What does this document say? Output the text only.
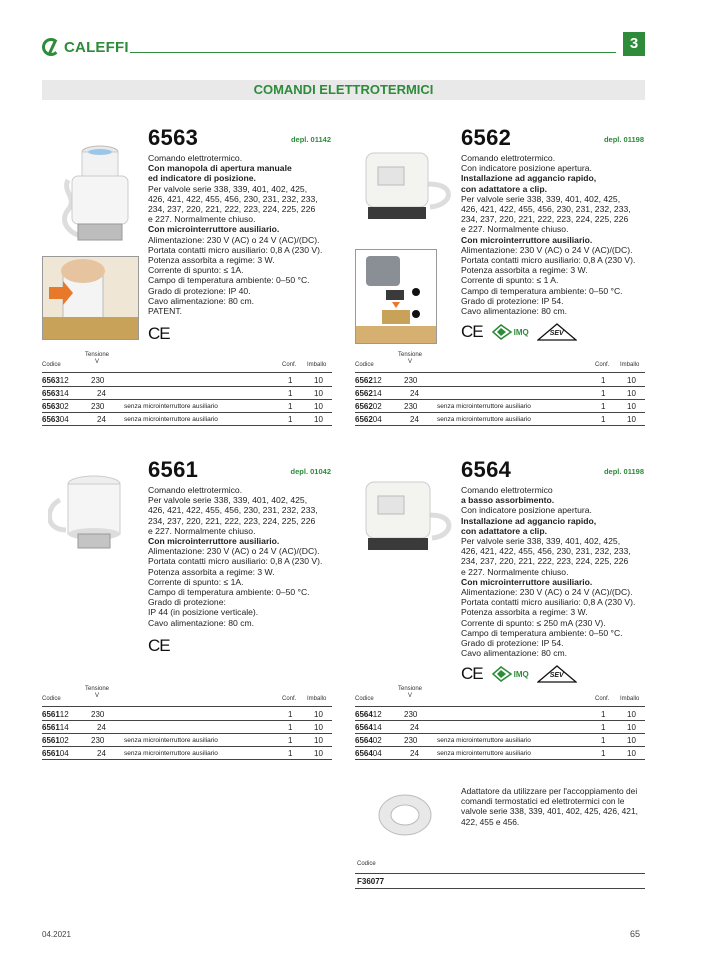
CALEFFI	3
COMANDI ELETTROTERMICI
6563	depl. 01142
Comando elettrotermico.
Con manopola di apertura manuale
ed indicatore di posizione.
Per valvole serie 338, 339, 401, 402, 425,
426, 421, 422, 455, 456, 230, 231, 232, 233,
234, 237, 220, 221, 222, 223, 224, 225, 226
e 227. Normalmente chiuso.
Con microinterruttore ausiliario.
Alimentazione: 230 V (AC) o 24 V (AC)/(DC).
Portata contatti micro ausiliario: 0,8 A (230 V).
Potenza assorbita a regime: 3 W.
Corrente di spunto: ≤ 1A.
Campo di temperatura ambiente: 0–50 °C.
Grado di protezione: IP 40.
Cavo alimentazione: 80 cm.
PATENT.
CE
6562	depl. 01198
Comando elettrotermico.
Con indicatore posizione apertura.
Installazione ad aggancio rapido,
con adattatore a clip.
Per valvole serie 338, 339, 401, 402, 425,
426, 421, 422, 455, 456, 230, 231, 232, 233,
234, 237, 220, 221, 222, 223, 224, 225, 226
e 227. Normalmente chiuso.
Con microinterruttore ausiliario.
Alimentazione: 230 V (AC) o 24 V (AC)/(DC).
Portata contatti micro ausiliario: 0,8 A (230 V).
Potenza assorbita a regime: 3 W.
Corrente di spunto: ≤ 1 A.
Campo di temperatura ambiente: 0–50 °C.
Grado di protezione: IP 54.
Cavo alimentazione: 80 cm.
CE	IMQ	SEV
6561	depl. 01042
Comando elettrotermico.
Per valvole serie 338, 339, 401, 402, 425,
426, 421, 422, 455, 456, 230, 231, 232, 233,
234, 237, 220, 221, 222, 223, 224, 225, 226
e 227. Normalmente chiuso.
Con microinterruttore ausiliario.
Alimentazione: 230 V (AC) o 24 V (AC)/(DC).
Portata contatti micro ausiliario: 0,8 A (230 V).
Potenza assorbita a regime: 3 W.
Corrente di spunto: ≤ 1A.
Campo di temperatura ambiente: 0–50 °C.
Grado di protezione:
IP 44 (in posizione verticale).
Cavo alimentazione: 80 cm.
CE
6564	depl. 01198
Comando elettrotermico
a basso assorbimento.
Con indicatore posizione apertura.
Installazione ad aggancio rapido,
con adattatore a clip.
Per valvole serie 338, 339, 401, 402, 425,
426, 421, 422, 455, 456, 230, 231, 232, 233,
234, 237, 220, 221, 222, 223, 224, 225, 226
e 227. Normalmente chiuso.
Con microinterruttore ausiliario.
Alimentazione: 230 V (AC) o 24 V (AC)/(DC).
Portata contatti micro ausiliario: 0,8 A (230 V).
Potenza assorbita a regime: 3 W.
Corrente di spunto: ≤ 250 mA (230 V).
Campo di temperatura ambiente: 0–50 °C.
Grado di protezione: IP 54.
Cavo alimentazione: 80 cm.
CE	IMQ	SEV
Codice
Tensione
V	Conf. Imballo
656312	230	1	10
656314	24	1	10
656302	230	senza microinterruttore ausiliario	1	10
656304	24	senza microinterruttore ausiliario	1	10
Codice
Tensione
V	Conf. Imballo
656212	230	1	10
656214	24	1	10
656202	230	senza microinterruttore ausiliario	1	10
656204	24	senza microinterruttore ausiliario	1	10
Codice
Tensione
V	Conf. Imballo
656112	230	1	10
656114	24	1	10
656102	230	senza microinterruttore ausiliario	1	10
656104	24	senza microinterruttore ausiliario	1	10
Codice
Tensione
V	Conf. Imballo
656412	230	1	10
656414	24	1	10
656402	230	senza microinterruttore ausiliario	1	10
656404	24	senza microinterruttore ausiliario	1	10
Adattatore da utilizzare per l'accoppiamento dei comandi termostatici ed elettrotermici con le valvole serie 338, 339, 401, 402, 425, 426, 421, 422, 455 e 456.
Codice
F36077
04.2021	65
